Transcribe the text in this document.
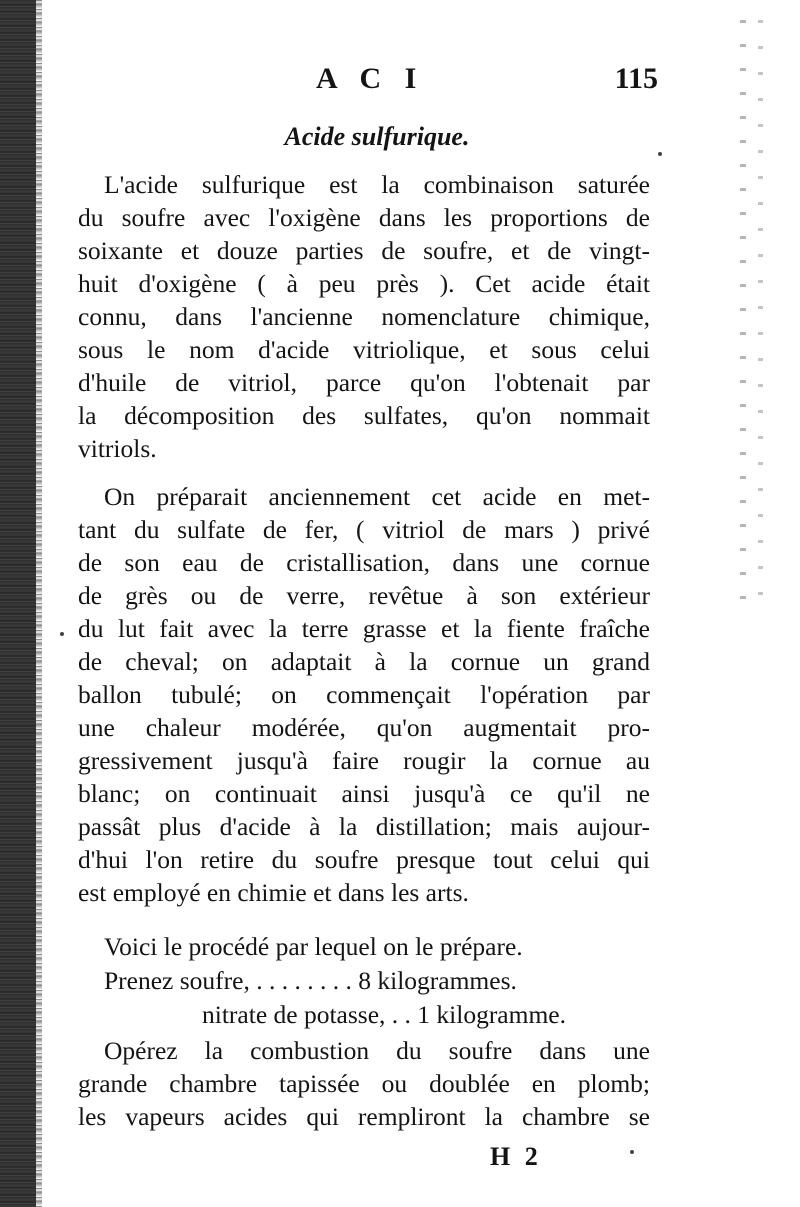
A C I	115
Acide sulfurique.
L'acide sulfurique est la combinaison saturée
du soufre avec l'oxigène dans les proportions de
soixante et douze parties de soufre, et de vingt-
huit d'oxigène ( à peu près ). Cet acide était
connu, dans l'ancienne nomenclature chimique,
sous le nom d'acide vitriolique, et sous celui
d'huile de vitriol, parce qu'on l'obtenait par
la décomposition des sulfates, qu'on nommait
vitriols.
On préparait anciennement cet acide en met-
tant du sulfate de fer, ( vitriol de mars ) privé
de son eau de cristallisation, dans une cornue
de grès ou de verre, revêtue à son extérieur
du lut fait avec la terre grasse et la fiente fraîche
de cheval; on adaptait à la cornue un grand
ballon tubulé; on commençait l'opération par
une chaleur modérée, qu'on augmentait pro-
gressivement jusqu'à faire rougir la cornue au
blanc; on continuait ainsi jusqu'à ce qu'il ne
passât plus d'acide à la distillation; mais aujour-
d'hui l'on retire du soufre presque tout celui qui
est employé en chimie et dans les arts.
Voici le procédé par lequel on le prépare.
Prenez soufre, . . . . . . . . 8 kilogrammes.
nitrate de potasse, . . 1 kilogramme.
Opérez la combustion du soufre dans une
grande chambre tapissée ou doublée en plomb;
les vapeurs acides qui rempliront la chambre se
H 2
